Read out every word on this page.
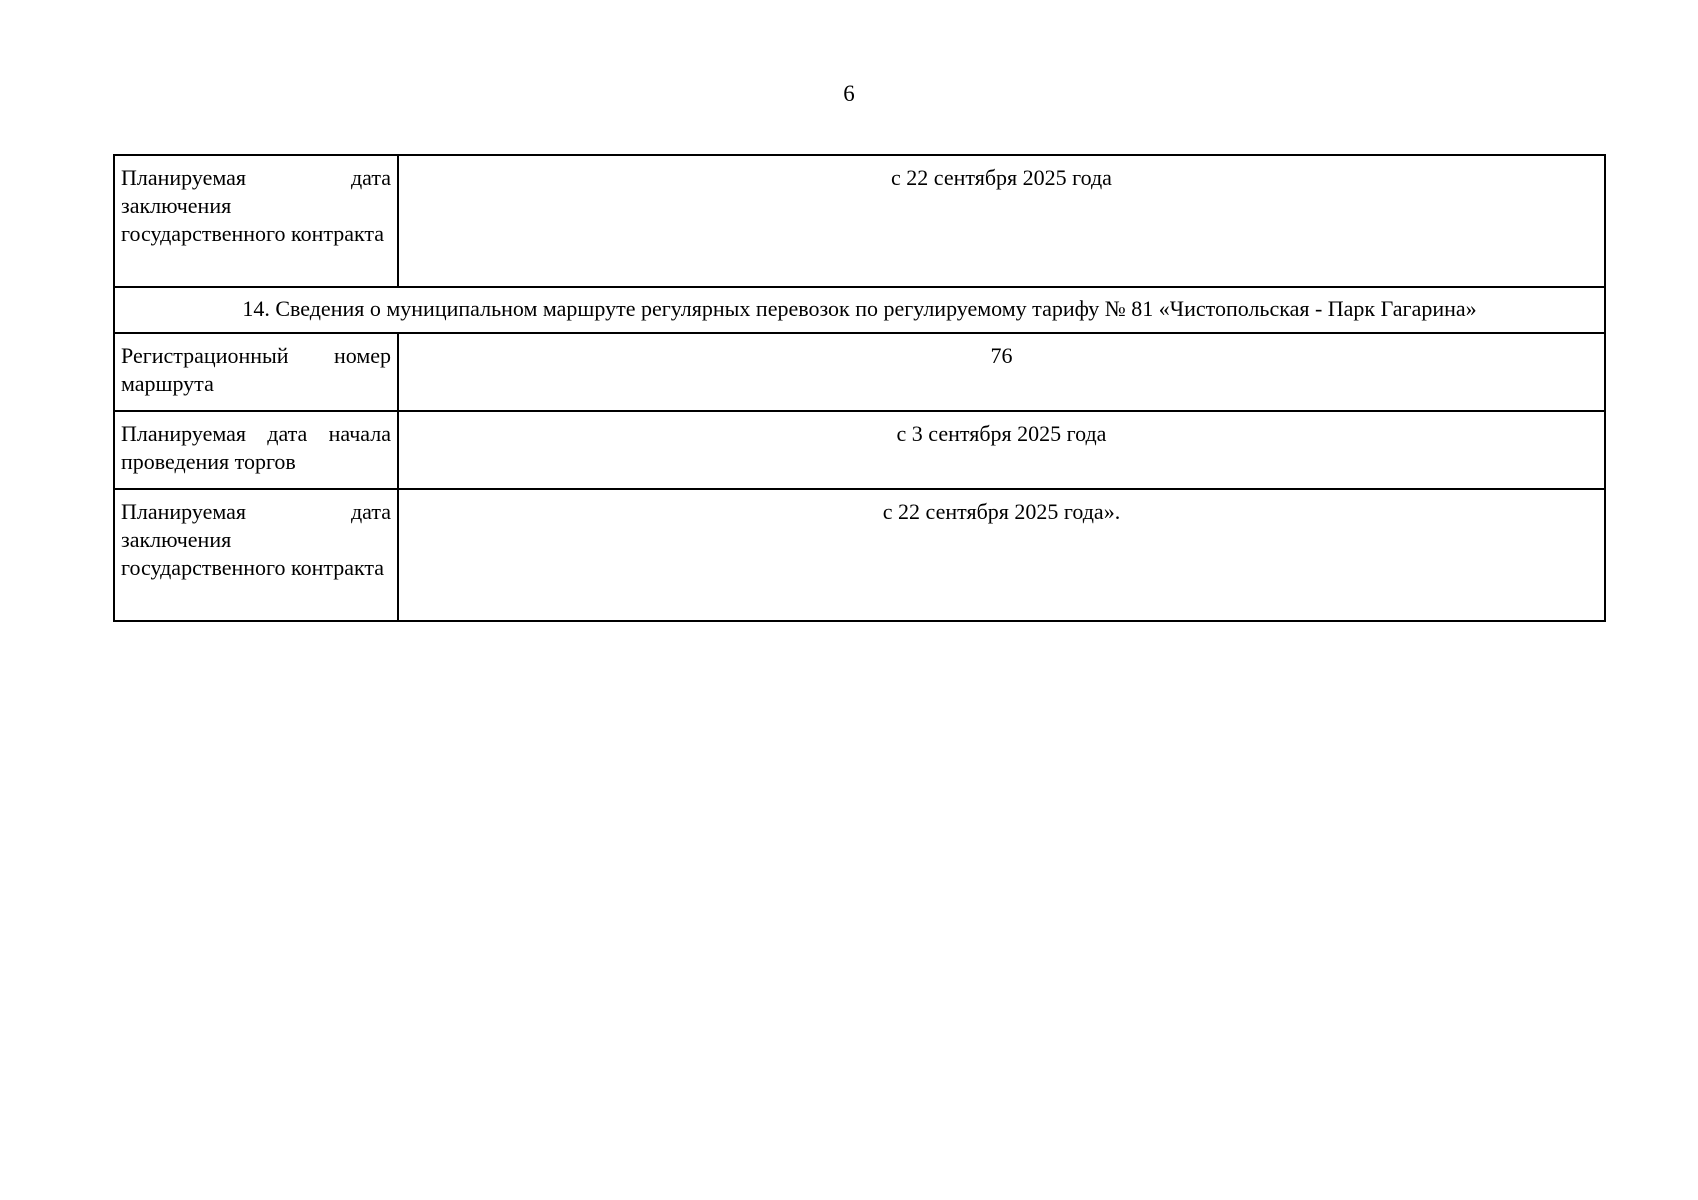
6
Планируемая дата заключения государственного контракта	с 22 сентября 2025 года
14. Сведения о муниципальном маршруте регулярных перевозок по регулируемому тарифу № 81 «Чистопольская - Парк Гагарина»	
Регистрационный номер маршрута	76
Планируемая дата начала проведения торгов	с 3 сентября 2025 года
Планируемая дата заключения государственного контракта	с 22 сентября 2025 года».
